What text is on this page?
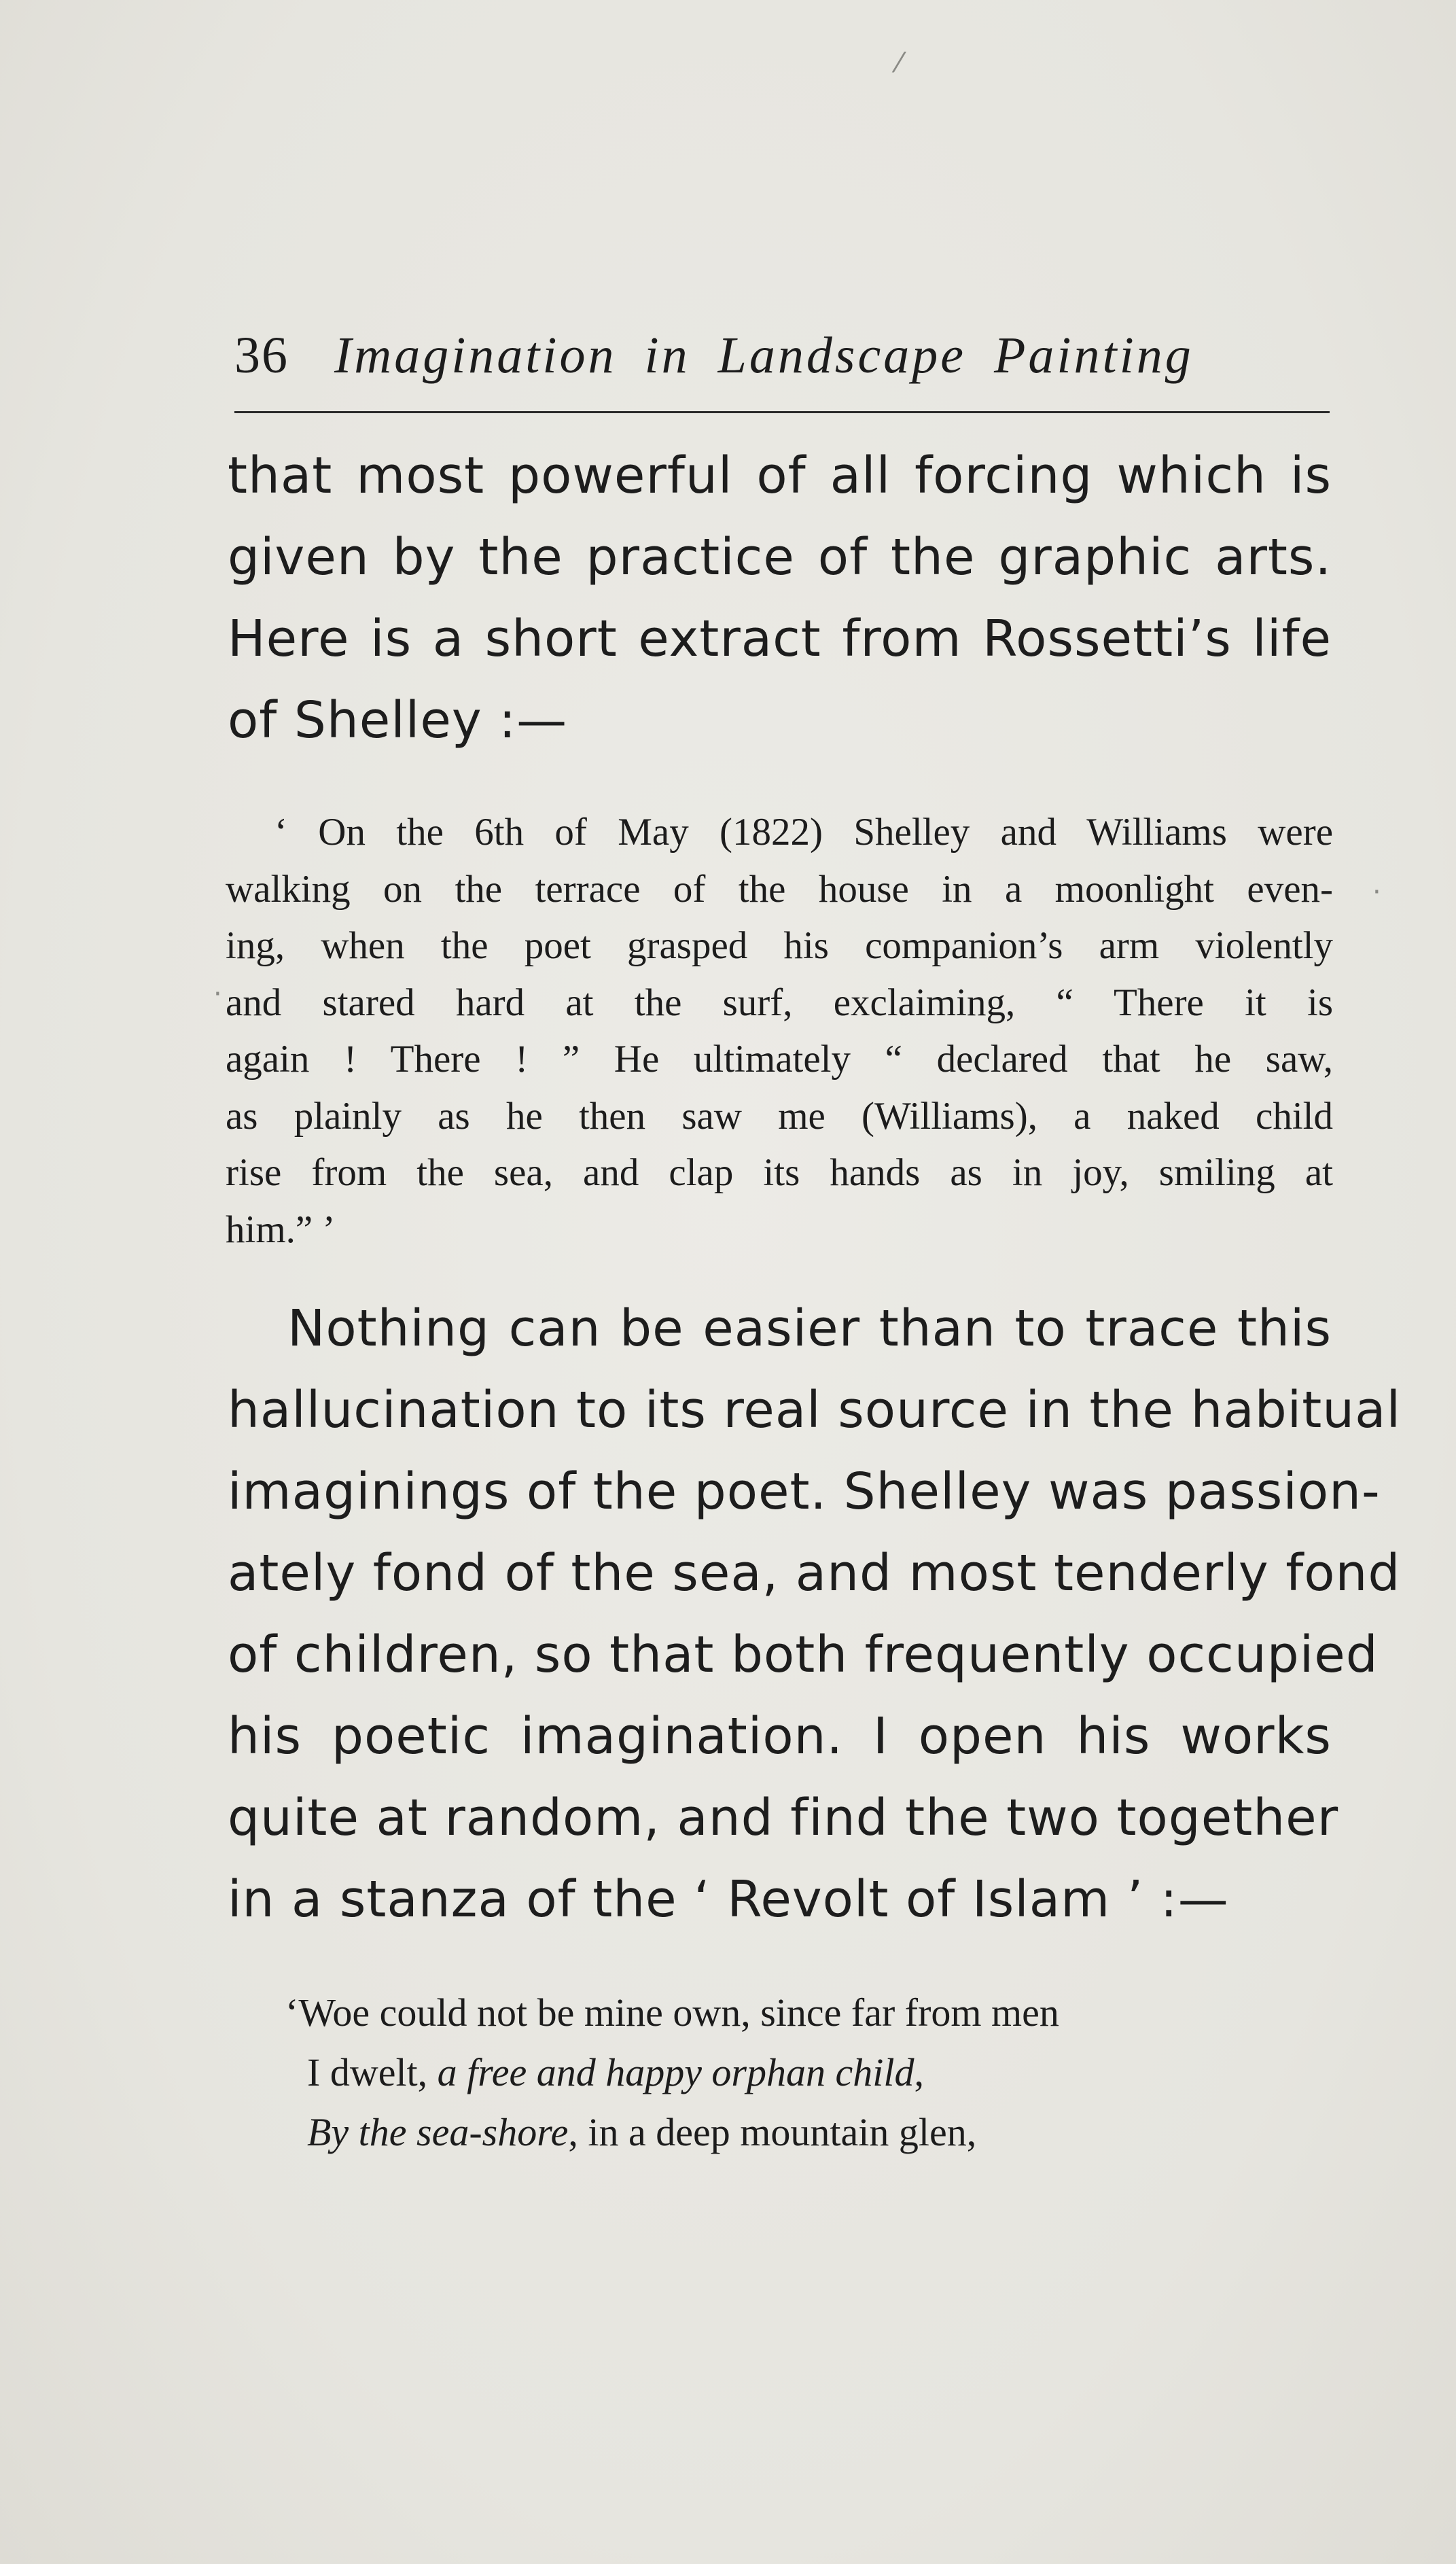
36 Imagination in Landscape Painting
that most powerful of all forcing which is
given by the practice of the graphic arts.
Here is a short extract from Rossetti’s life
of Shelley :—
‘ On the 6th of May (1822) Shelley and Williams were
walking on the terrace of the house in a moonlight even-
ing, when the poet grasped his companion’s arm violently
and stared hard at the surf, exclaiming, “ There it is
again ! There ! ” He ultimately “ declared that he saw,
as plainly as he then saw me (Williams), a naked child
rise from the sea, and clap its hands as in joy, smiling at
him.” ’
Nothing can be easier than to trace this
hallucination to its real source in the habitual
imaginings of the poet. Shelley was passion-
ately fond of the sea, and most tenderly fond
of children, so that both frequently occupied
his poetic imagination. I open his works
quite at random, and find the two together
in a stanza of the ‘ Revolt of Islam ’ :—
‘Woe could not be mine own, since far from men
I dwelt, a free and happy orphan child,
By the sea-shore, in a deep mountain glen,
⁄
·
·
